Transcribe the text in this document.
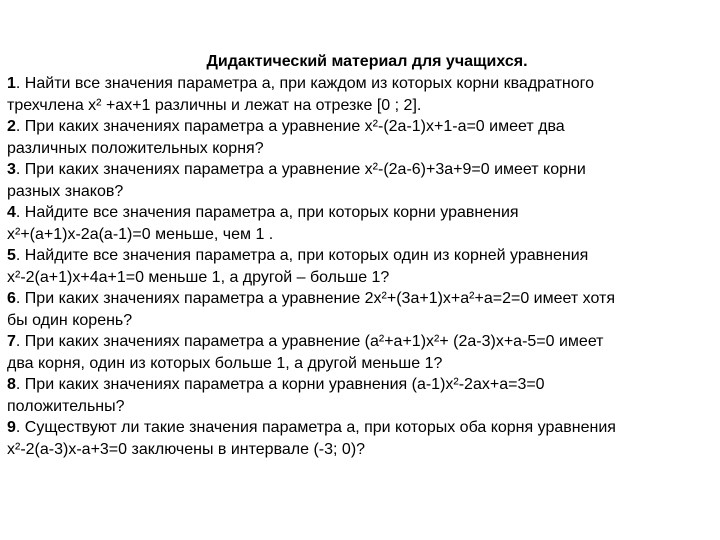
Дидактический материал для учащихся.
1. Найти все значения параметра а, при каждом из которых корни квадратного
трехчлена х² +ах+1 различны и лежат на отрезке [0 ; 2].
2. При каких значениях параметра а уравнение х²-(2а-1)х+1-а=0 имеет два
различных положительных корня?
3. При каких значениях параметра а уравнение х²-(2а-6)+3а+9=0 имеет корни
разных знаков?
4. Найдите все значения параметра а, при которых корни уравнения
х²+(а+1)х-2а(а-1)=0 меньше, чем 1 .
5. Найдите все значения параметра а, при которых один из корней уравнения
х²-2(а+1)х+4а+1=0 меньше 1, а другой – больше 1?
6. При каких значениях параметра а уравнение 2х²+(3а+1)х+а²+а=2=0 имеет хотя
бы один корень?
7. При каких значениях параметра а уравнение (а²+а+1)х²+ (2а-3)х+а-5=0 имеет
два корня, один из которых больше 1, а другой меньше 1?
8. При каких значениях параметра а корни уравнения (а-1)х²-2ах+а=3=0
положительны?
9. Существуют ли такие значения параметра а, при которых оба корня уравнения
х²-2(а-3)х-а+3=0 заключены в интервале (-3; 0)?
